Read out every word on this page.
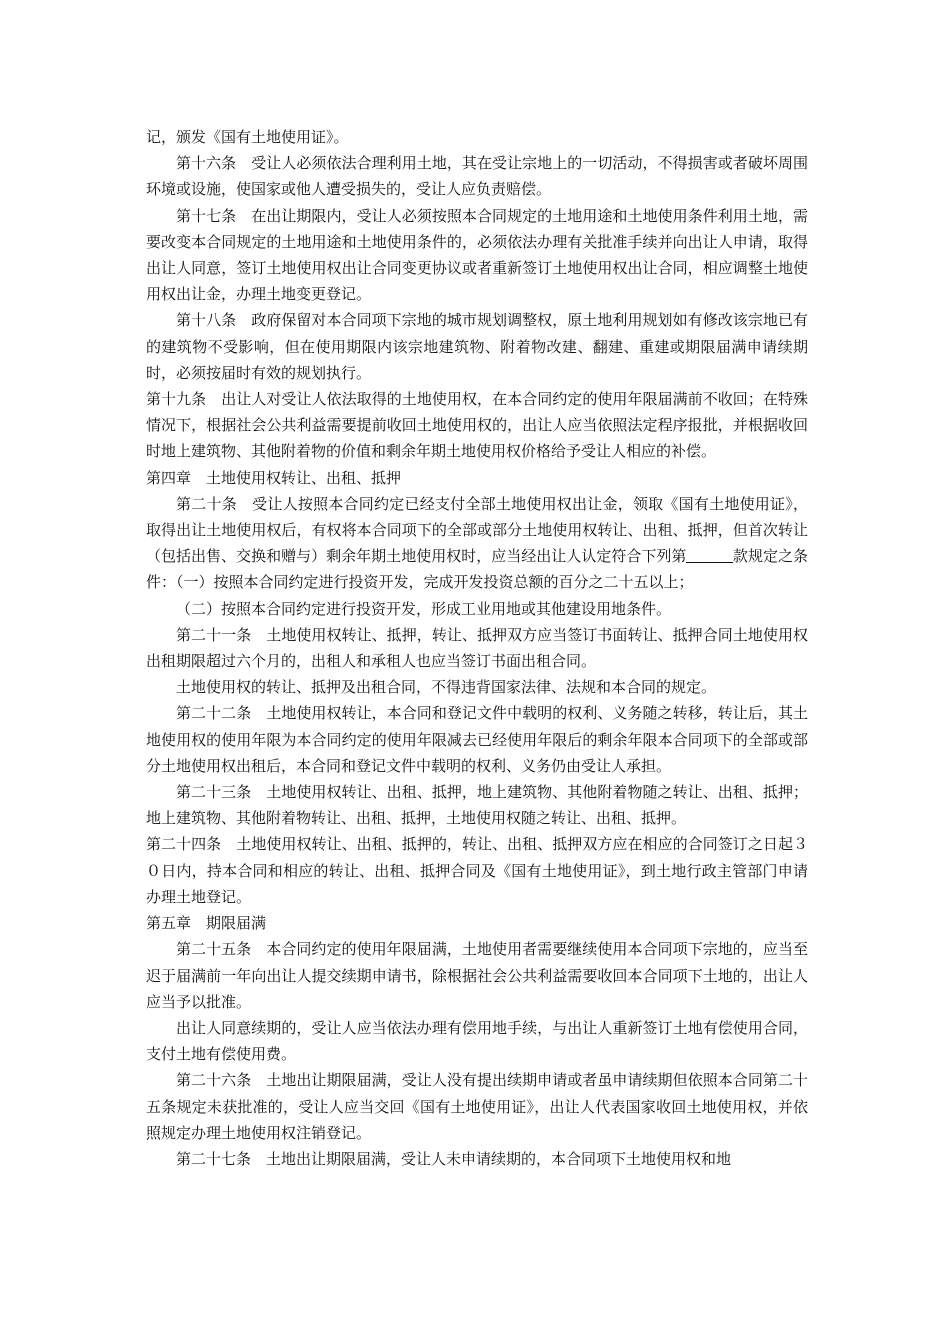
记，颁发《国有土地使用证》。

第十六条　受让人必须依法合理利用土地，其在受让宗地上的一切活动，不得损害或者破坏周围环境或设施，使国家或他人遭受损失的，受让人应负责赔偿。

第十七条　在出让期限内，受让人必须按照本合同规定的土地用途和土地使用条件利用土地，需要改变本合同规定的土地用途和土地使用条件的，必须依法办理有关批准手续并向出让人申请，取得出让人同意，签订土地使用权出让合同变更协议或者重新签订土地使用权出让合同，相应调整土地使用权出让金，办理土地变更登记。

第十八条　政府保留对本合同项下宗地的城市规划调整权，原土地利用规划如有修改该宗地已有的建筑物不受影响，但在使用期限内该宗地建筑物、附着物改建、翻建、重建或期限届满申请续期时，必须按届时有效的规划执行。

第十九条　出让人对受让人依法取得的土地使用权，在本合同约定的使用年限届满前不收回；在特殊情况下，根据社会公共利益需要提前收回土地使用权的，出让人应当依照法定程序报批，并根据收回时地上建筑物、其他附着物的价值和剩余年期土地使用权价格给予受让人相应的补偿。

第四章　土地使用权转让、出租、抵押

第二十条　受让人按照本合同约定已经支付全部土地使用权出让金，领取《国有土地使用证》，取得出让土地使用权后，有权将本合同项下的全部或部分土地使用权转让、出租、抵押，但首次转让（包括出售、交换和赠与）剩余年期土地使用权时，应当经出让人认定符合下列第	款规定之条件：（一）按照本合同约定进行投资开发，完成开发投资总额的百分之二十五以上；

（二）按照本合同约定进行投资开发，形成工业用地或其他建设用地条件。

第二十一条　土地使用权转让、抵押，转让、抵押双方应当签订书面转让、抵押合同土地使用权出租期限超过六个月的，出租人和承租人也应当签订书面出租合同。

土地使用权的转让、抵押及出租合同，不得违背国家法律、法规和本合同的规定。

第二十二条　土地使用权转让，本合同和登记文件中载明的权利、义务随之转移，转让后，其土地使用权的使用年限为本合同约定的使用年限减去已经使用年限后的剩余年限本合同项下的全部或部分土地使用权出租后，本合同和登记文件中载明的权利、义务仍由受让人承担。

第二十三条　土地使用权转让、出租、抵押，地上建筑物、其他附着物随之转让、出租、抵押；地上建筑物、其他附着物转让、出租、抵押，土地使用权随之转让、出租、抵押。

第二十四条　土地使用权转让、出租、抵押的，转让、出租、抵押双方应在相应的合同签订之日起３０日内，持本合同和相应的转让、出租、抵押合同及《国有土地使用证》，到土地行政主管部门申请办理土地登记。

第五章　期限届满

第二十五条　本合同约定的使用年限届满，土地使用者需要继续使用本合同项下宗地的，应当至迟于届满前一年向出让人提交续期申请书，除根据社会公共利益需要收回本合同项下土地的，出让人应当予以批准。

出让人同意续期的，受让人应当依法办理有偿用地手续，与出让人重新签订土地有偿使用合同，支付土地有偿使用费。

第二十六条　土地出让期限届满，受让人没有提出续期申请或者虽申请续期但依照本合同第二十五条规定未获批准的，受让人应当交回《国有土地使用证》，出让人代表国家收回土地使用权，并依照规定办理土地使用权注销登记。

第二十七条　土地出让期限届满，受让人未申请续期的，本合同项下土地使用权和地
